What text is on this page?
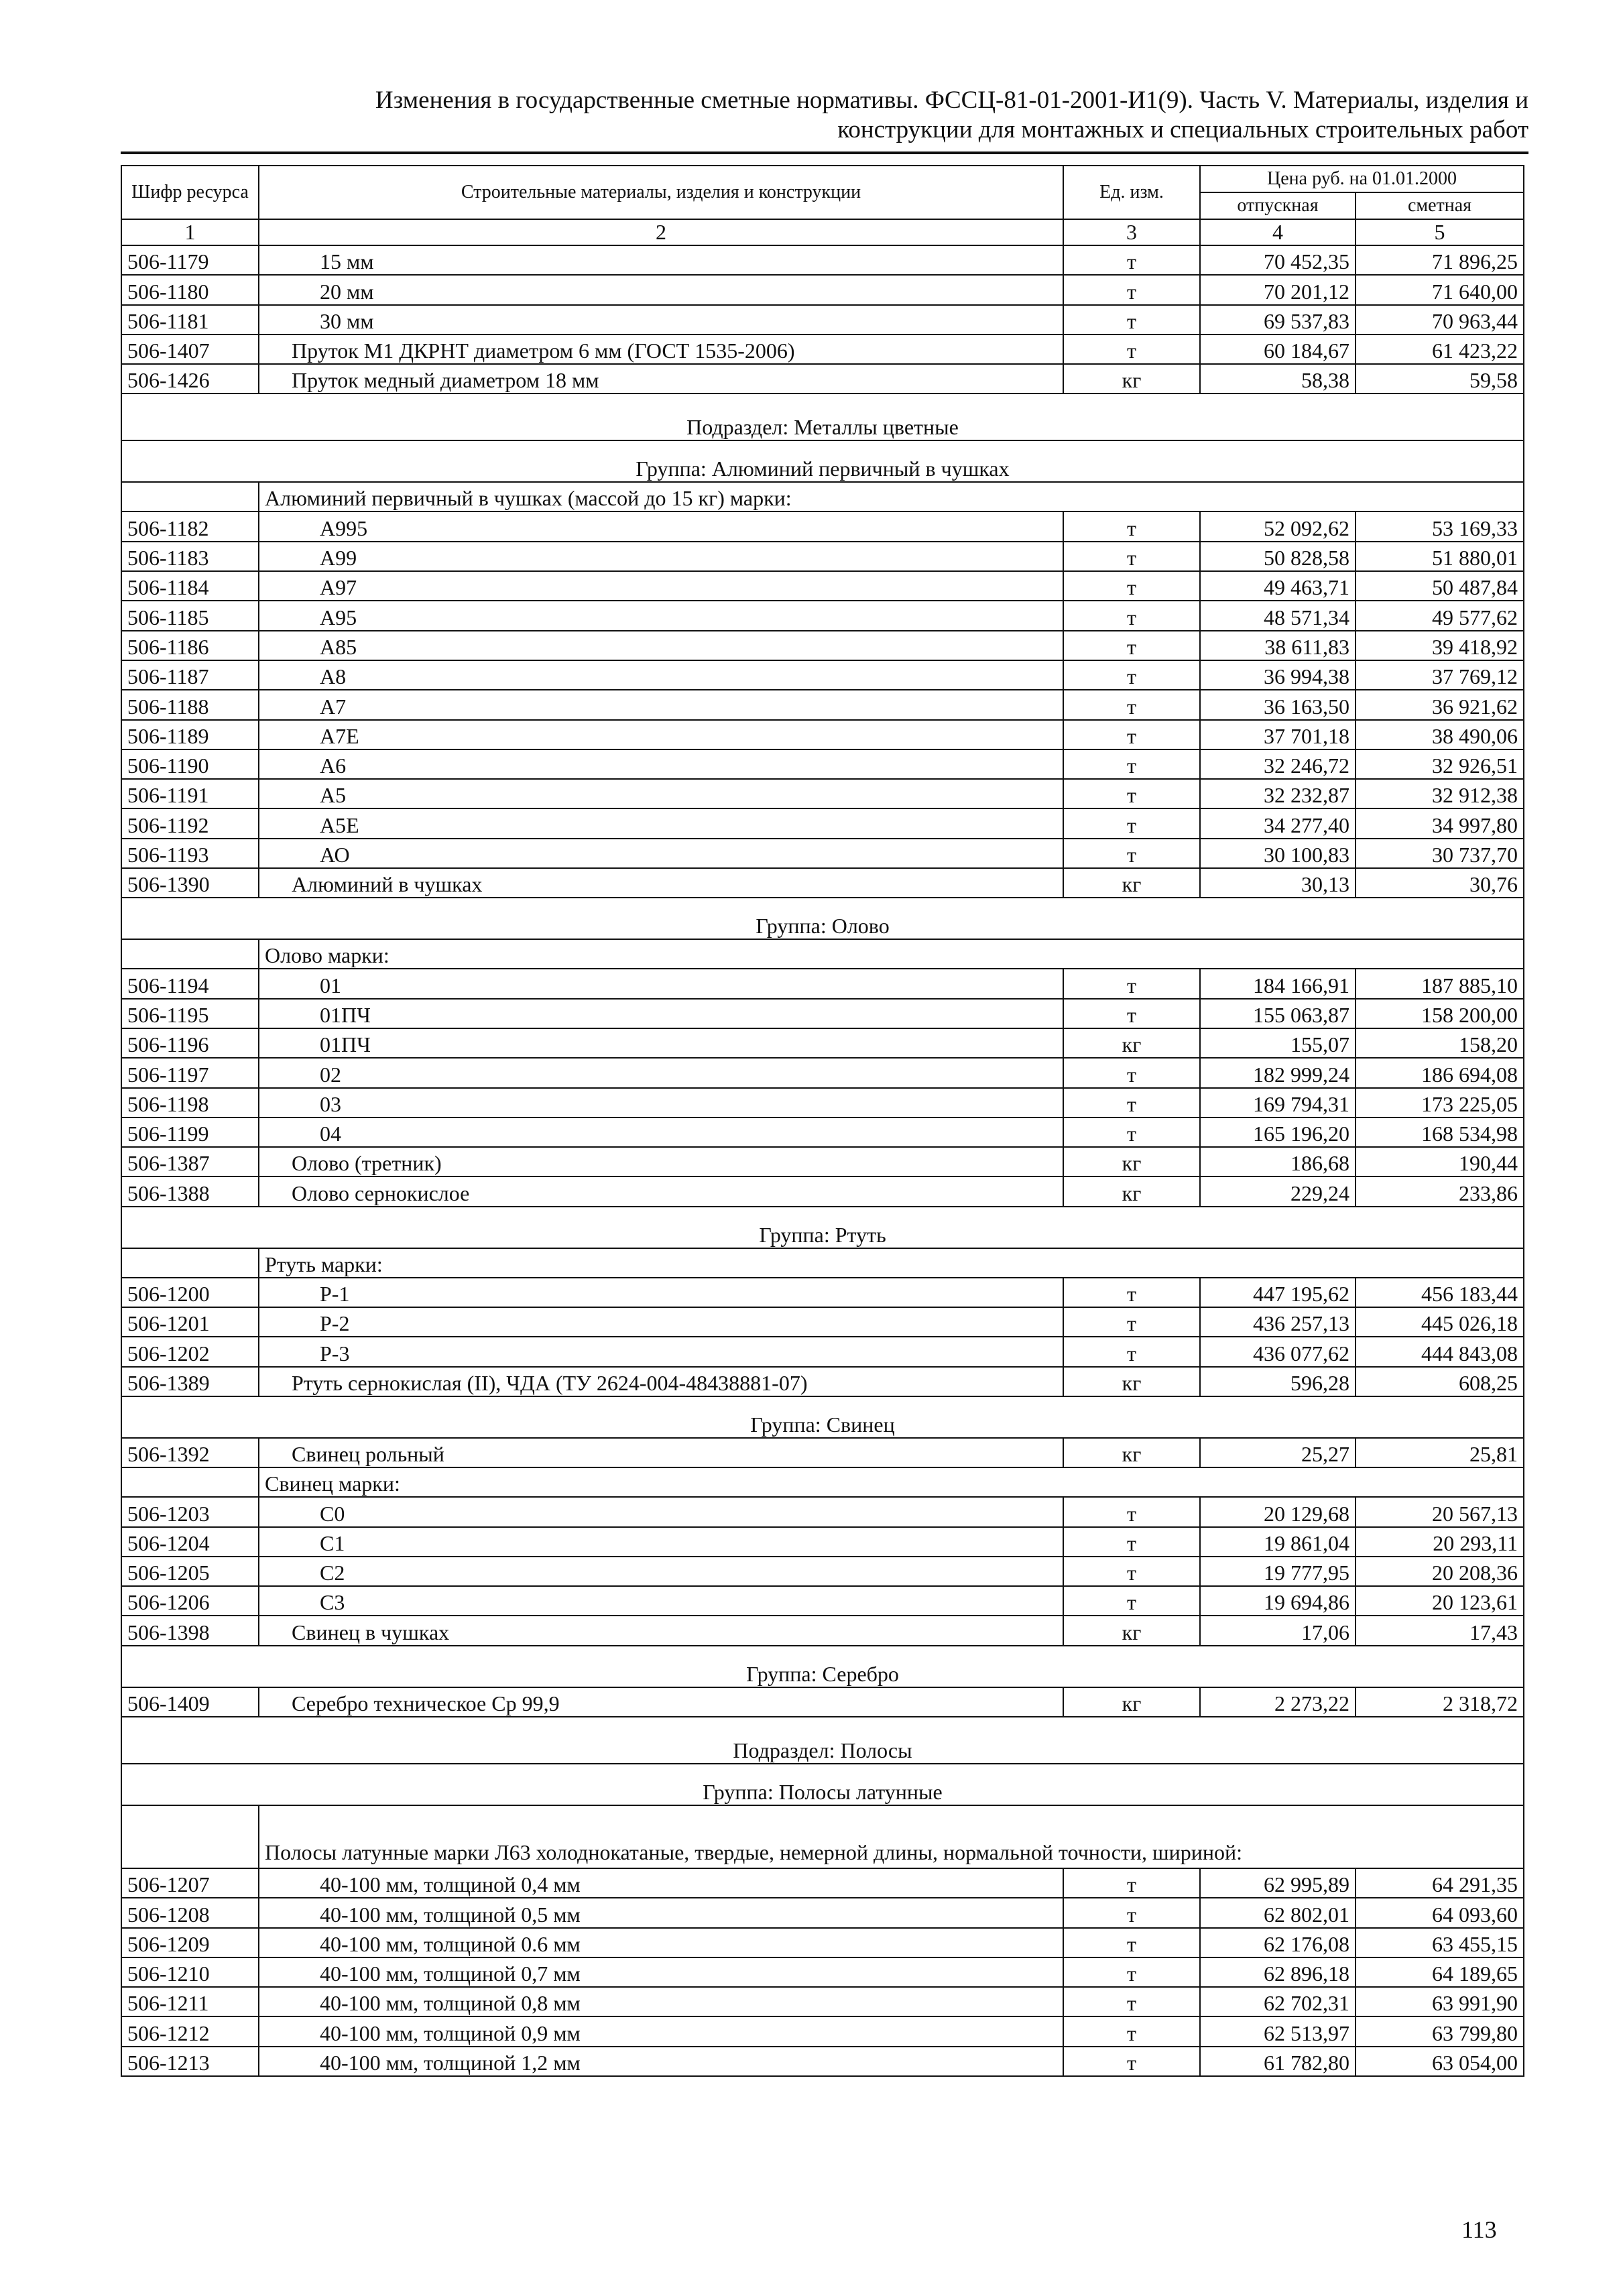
Изменения в государственные сметные нормативы. ФССЦ-81-01-2001-И1(9). Часть V. Материалы, изделия и
конструкции для монтажных и специальных строительных работ
Шифр ресурса	Строительные материалы, изделия и конструкции	Ед. изм.	Цена руб. на 01.01.2000	
			отпускная	сметная
1	2	3	4	5
506-1179	15 мм	т	70 452,35	71 896,25
506-1180	20 мм	т	70 201,12	71 640,00
506-1181	30 мм	т	69 537,83	70 963,44
506-1407	Пруток М1 ДКРНТ диаметром 6 мм (ГОСТ 1535-2006)	т	60 184,67	61 423,22
506-1426	Пруток медный диаметром 18 мм	кг	58,38	59,58
Подраздел: Металлы цветные				
Группа: Алюминий первичный в чушках				
	Алюминий первичный в чушках (массой до 15 кг) марки:			
506-1182	А995	т	52 092,62	53 169,33
506-1183	А99	т	50 828,58	51 880,01
506-1184	А97	т	49 463,71	50 487,84
506-1185	А95	т	48 571,34	49 577,62
506-1186	А85	т	38 611,83	39 418,92
506-1187	А8	т	36 994,38	37 769,12
506-1188	А7	т	36 163,50	36 921,62
506-1189	А7Е	т	37 701,18	38 490,06
506-1190	А6	т	32 246,72	32 926,51
506-1191	А5	т	32 232,87	32 912,38
506-1192	А5Е	т	34 277,40	34 997,80
506-1193	АО	т	30 100,83	30 737,70
506-1390	Алюминий в чушках	кг	30,13	30,76
Группа: Олово				
	Олово марки:			
506-1194	01	т	184 166,91	187 885,10
506-1195	01ПЧ	т	155 063,87	158 200,00
506-1196	01ПЧ	кг	155,07	158,20
506-1197	02	т	182 999,24	186 694,08
506-1198	03	т	169 794,31	173 225,05
506-1199	04	т	165 196,20	168 534,98
506-1387	Олово (третник)	кг	186,68	190,44
506-1388	Олово сернокислое	кг	229,24	233,86
Группа: Ртуть				
	Ртуть марки:			
506-1200	Р-1	т	447 195,62	456 183,44
506-1201	Р-2	т	436 257,13	445 026,18
506-1202	Р-3	т	436 077,62	444 843,08
506-1389	Ртуть сернокислая (II), ЧДА (ТУ 2624-004-48438881-07)	кг	596,28	608,25
Группа: Свинец				
506-1392	Свинец рольный	кг	25,27	25,81
	Свинец марки:			
506-1203	С0	т	20 129,68	20 567,13
506-1204	С1	т	19 861,04	20 293,11
506-1205	С2	т	19 777,95	20 208,36
506-1206	С3	т	19 694,86	20 123,61
506-1398	Свинец в чушках	кг	17,06	17,43
Группа: Серебро				
506-1409	Серебро техническое Ср 99,9	кг	2 273,22	2 318,72
Подраздел: Полосы				
Группа: Полосы латунные				
	Полосы латунные марки Л63 холоднокатаные, твердые, немерной длины, нормальной точности, шириной:			
506-1207	40-100 мм, толщиной 0,4 мм	т	62 995,89	64 291,35
506-1208	40-100 мм, толщиной 0,5 мм	т	62 802,01	64 093,60
506-1209	40-100 мм, толщиной 0.6 мм	т	62 176,08	63 455,15
506-1210	40-100 мм, толщиной 0,7 мм	т	62 896,18	64 189,65
506-1211	40-100 мм, толщиной 0,8 мм	т	62 702,31	63 991,90
506-1212	40-100 мм, толщиной 0,9 мм	т	62 513,97	63 799,80
506-1213	40-100 мм, толщиной 1,2 мм	т	61 782,80	63 054,00
113
